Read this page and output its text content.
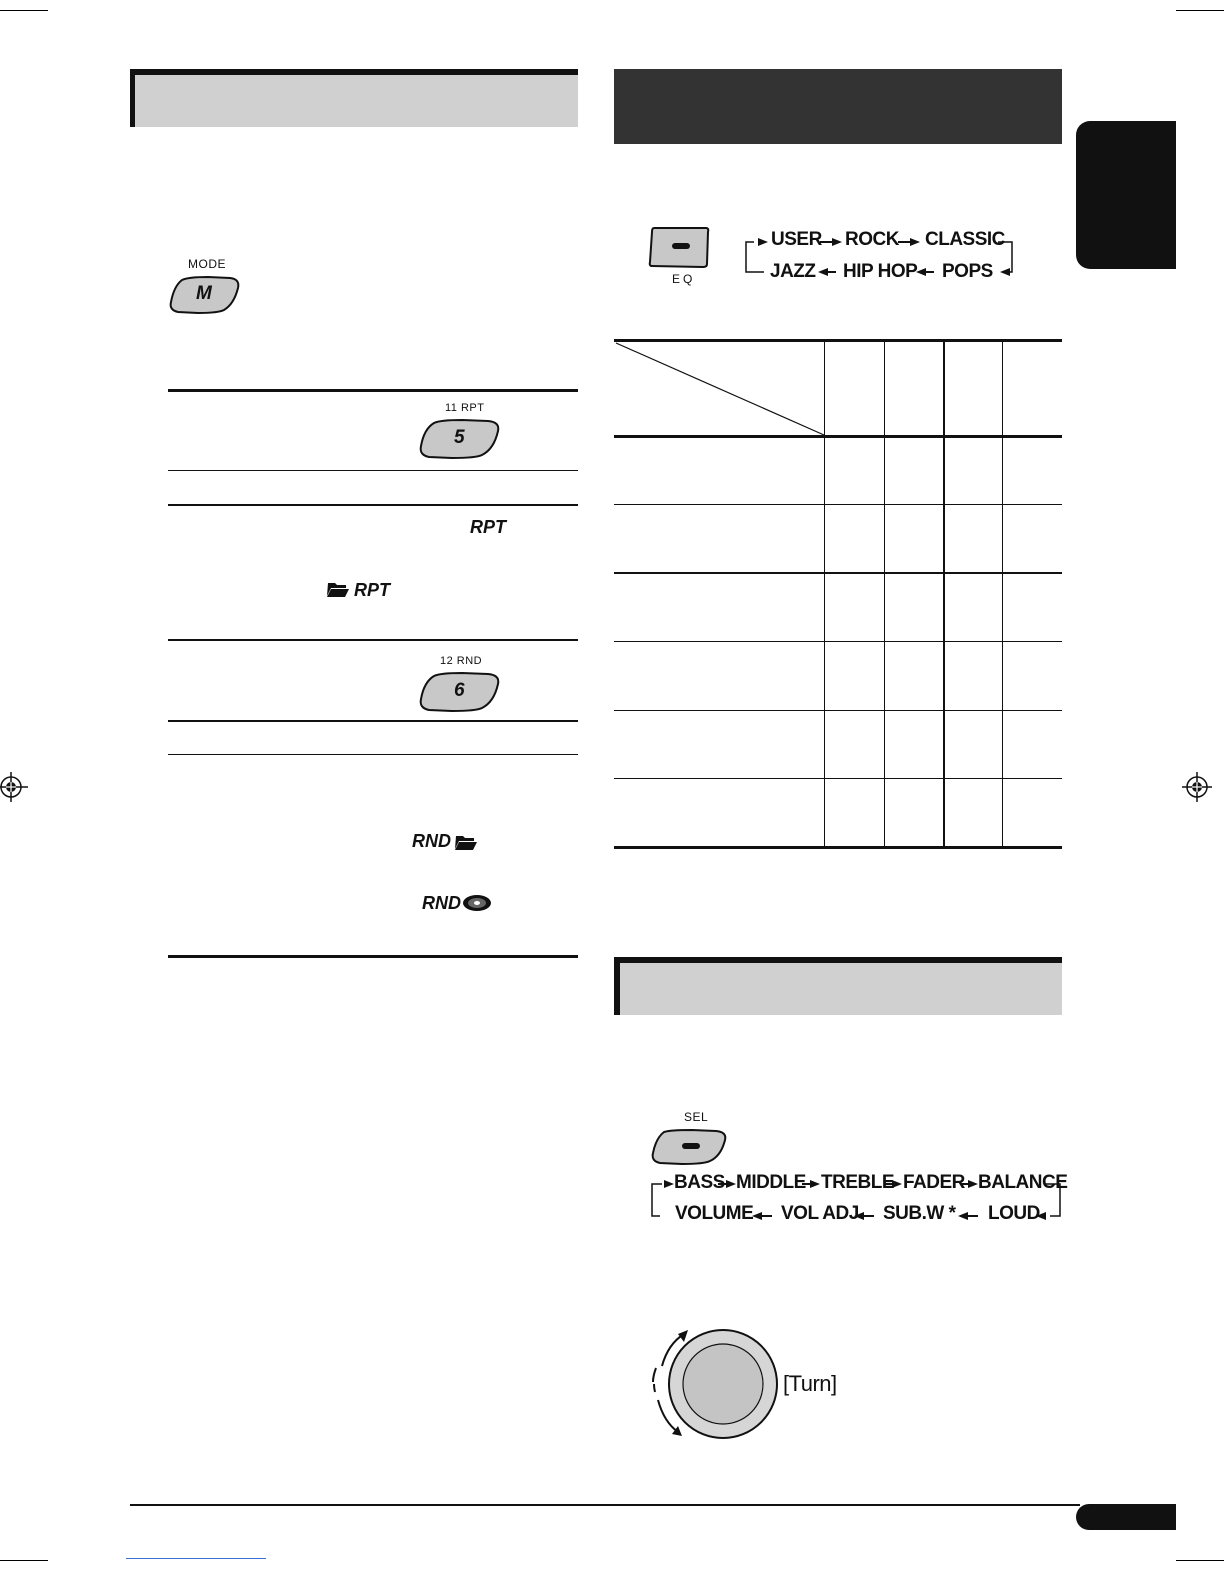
MODE
M
11 RPT
5
RPT
RPT
12 RND
6
RND
RND
EQ
USER ROCK CLASSIC
JAZZ HIP HOP POPS
SEL
BASS MIDDLE TREBLE FADER BALANCE
VOLUME VOL ADJ SUB.W * LOUD
[Turn]
